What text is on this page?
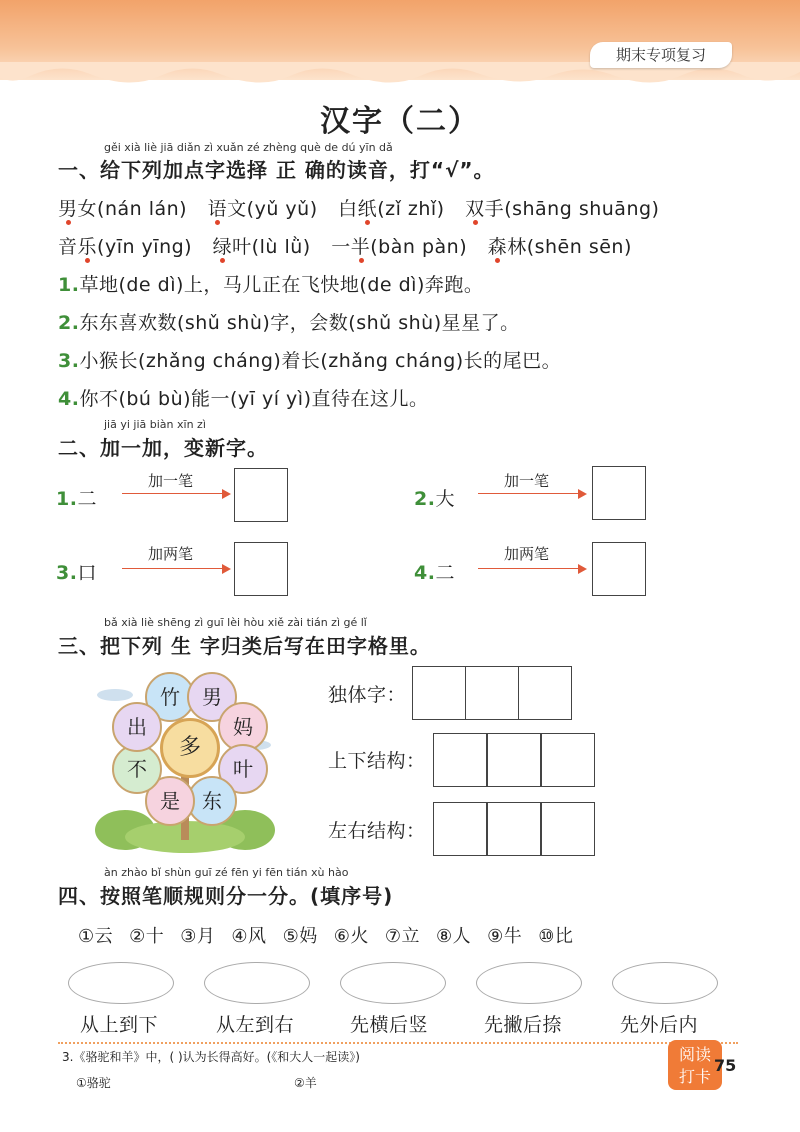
期末专项复习
汉字（二）
gěi xià liè jiā diǎn zì xuǎn zé zhèng què de dú yīn dǎ
一、给下列加点字选择 正 确的读音，打“√”。
男女(nán lán) 语文(yǔ yǔ) 白纸(zǐ zhǐ) 双手(shāng shuāng)
音乐(yīn yīng) 绿叶(lù lǜ) 一半(bàn pàn) 森林(shēn sēn)
1.草地(de dì)上，马儿正在飞快地(de dì)奔跑。
2.东东喜欢数(shǔ shù)字，会数(shǔ shù)星星了。
3.小猴长(zhǎng cháng)着长(zhǎng cháng)长的尾巴。
4.你不(bú bù)能一(yī yí yì)直待在这儿。
jiā yi jiā biàn xīn zì
二、加一加，变新字。
1.二
加一笔
2.大
加一笔
3.口
加两笔
4.二
加两笔
bǎ xià liè shēng zì guī lèi hòu xiě zài tián zì gé lǐ
三、把下列 生 字归类后写在田字格里。
竹	男
妈
叶
东
是
不
出
多
独体字：
上下结构：
左右结构：
àn zhào bǐ shùn guī zé fēn yi fēn tián xù hào
四、按照笔顺规则分一分。(填序号)
①云 ②十 ③月 ④风 ⑤妈 ⑥火 ⑦立 ⑧人 ⑨牛 ⑩比
从上到下	从左到右	先横后竖	先撇后捺	先外后内
3.《骆驼和羊》中，( )认为长得高好。(《和大人一起读》)
①骆驼	②羊
阅读
打卡
75
